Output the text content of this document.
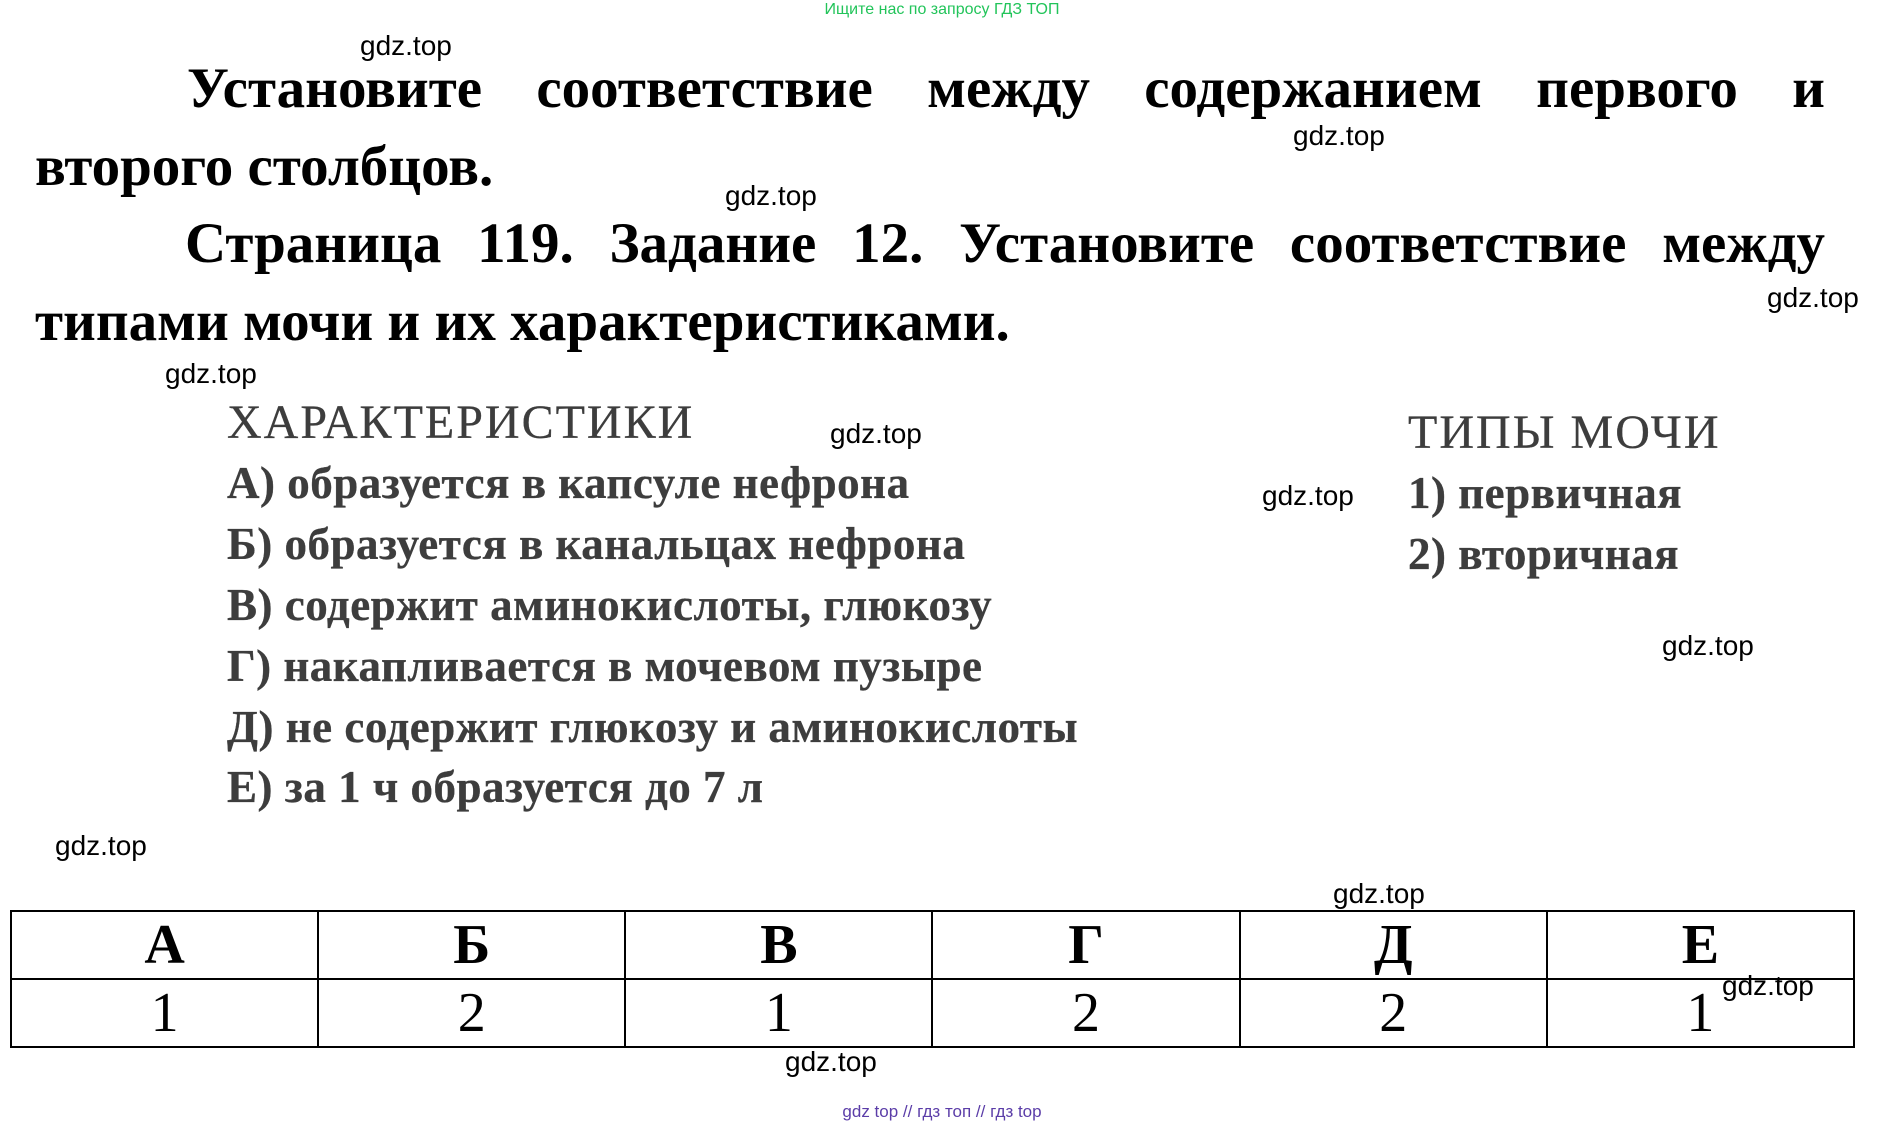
Ищите нас по запросу ГДЗ ТОП

Установите соответствие между содержанием первого и второго столбцов.

Страница 119. Задание 12. Установите соответствие между типами мочи и их характеристиками.

ХАРАКТЕРИСТИКИ
А) образуется в капсуле нефрона
Б) образуется в канальцах нефрона
В) содержит аминокислоты, глюкозу
Г) накапливается в мочевом пузыре
Д) не содержит глюкозу и аминокислоты
Е) за 1 ч образуется до 7 л
ТИПЫ МОЧИ
1) первичная
2) вторичная
gdz.top
gdz.top
gdz.top
gdz.top
gdz.top
gdz.top
gdz.top
gdz.top
gdz.top
gdz.top
А	Б	В	Г	Д	Е
1	2	1	2	2	1 gdz.top
gdz.top
gdz top // гдз топ // гдз top
